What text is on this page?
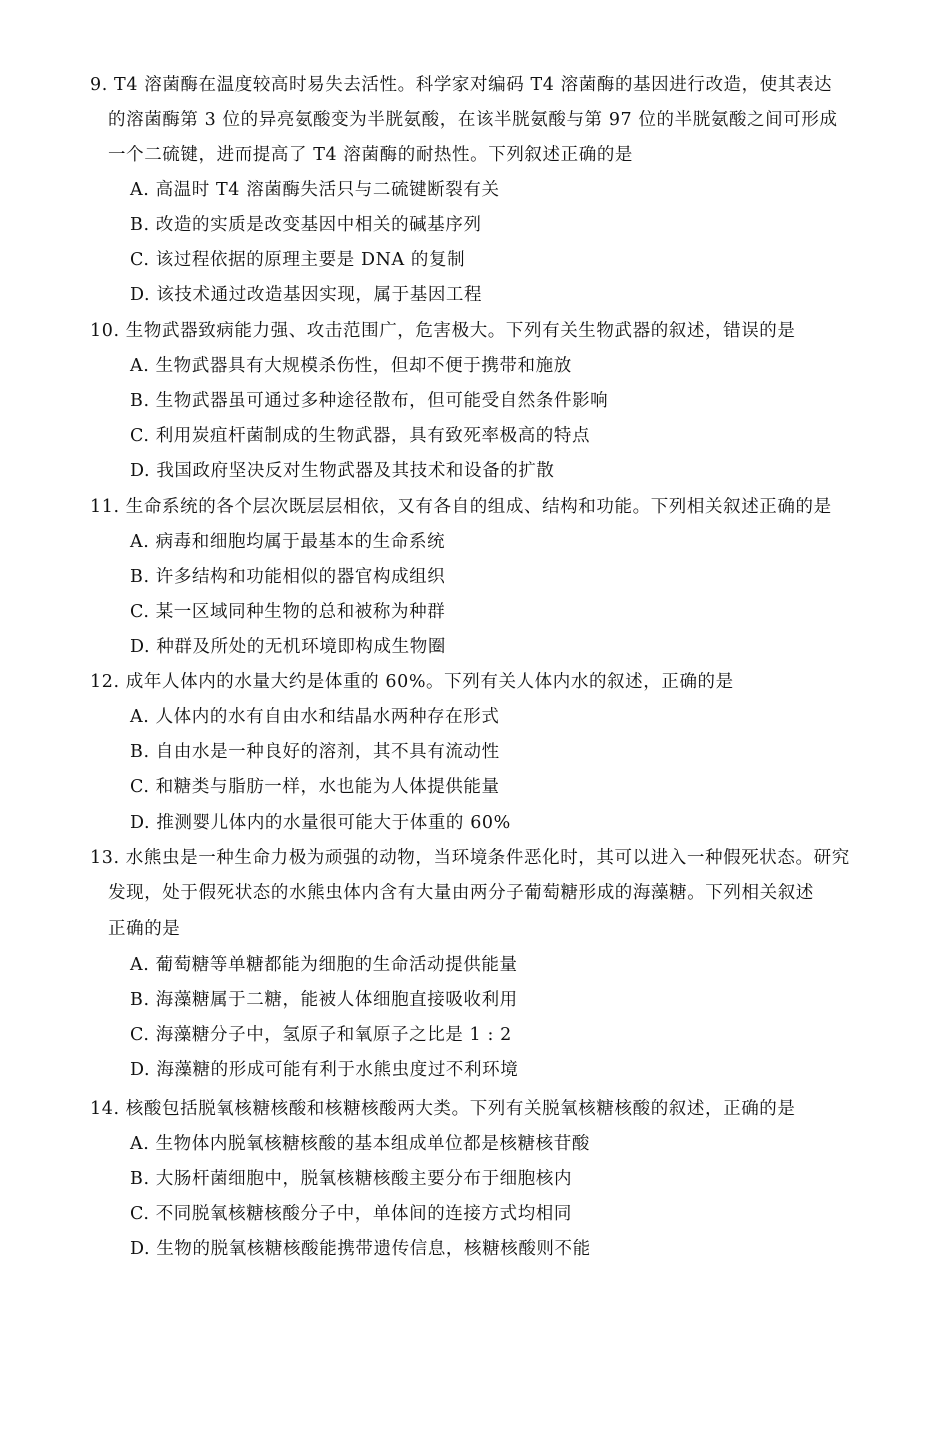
9. T4 溶菌酶在温度较高时易失去活性。科学家对编码 T4 溶菌酶的基因进行改造，使其表达
的溶菌酶第 3 位的异亮氨酸变为半胱氨酸，在该半胱氨酸与第 97 位的半胱氨酸之间可形成
一个二硫键，进而提高了 T4 溶菌酶的耐热性。下列叙述正确的是
A. 高温时 T4 溶菌酶失活只与二硫键断裂有关
B. 改造的实质是改变基因中相关的碱基序列
C. 该过程依据的原理主要是 DNA 的复制
D. 该技术通过改造基因实现，属于基因工程
10. 生物武器致病能力强、攻击范围广，危害极大。下列有关生物武器的叙述，错误的是
A. 生物武器具有大规模杀伤性，但却不便于携带和施放
B. 生物武器虽可通过多种途径散布，但可能受自然条件影响
C. 利用炭疽杆菌制成的生物武器，具有致死率极高的特点
D. 我国政府坚决反对生物武器及其技术和设备的扩散
11. 生命系统的各个层次既层层相依，又有各自的组成、结构和功能。下列相关叙述正确的是
A. 病毒和细胞均属于最基本的生命系统
B. 许多结构和功能相似的器官构成组织
C. 某一区域同种生物的总和被称为种群
D. 种群及所处的无机环境即构成生物圈
12. 成年人体内的水量大约是体重的 60%。下列有关人体内水的叙述，正确的是
A. 人体内的水有自由水和结晶水两种存在形式
B. 自由水是一种良好的溶剂，其不具有流动性
C. 和糖类与脂肪一样，水也能为人体提供能量
D. 推测婴儿体内的水量很可能大于体重的 60%
13. 水熊虫是一种生命力极为顽强的动物，当环境条件恶化时，其可以进入一种假死状态。研究
发现，处于假死状态的水熊虫体内含有大量由两分子葡萄糖形成的海藻糖。下列相关叙述
正确的是
A. 葡萄糖等单糖都能为细胞的生命活动提供能量
B. 海藻糖属于二糖，能被人体细胞直接吸收利用
C. 海藻糖分子中，氢原子和氧原子之比是 1 : 2
D. 海藻糖的形成可能有利于水熊虫度过不利环境
14. 核酸包括脱氧核糖核酸和核糖核酸两大类。下列有关脱氧核糖核酸的叙述，正确的是
A. 生物体内脱氧核糖核酸的基本组成单位都是核糖核苷酸
B. 大肠杆菌细胞中，脱氧核糖核酸主要分布于细胞核内
C. 不同脱氧核糖核酸分子中，单体间的连接方式均相同
D. 生物的脱氧核糖核酸能携带遗传信息，核糖核酸则不能
